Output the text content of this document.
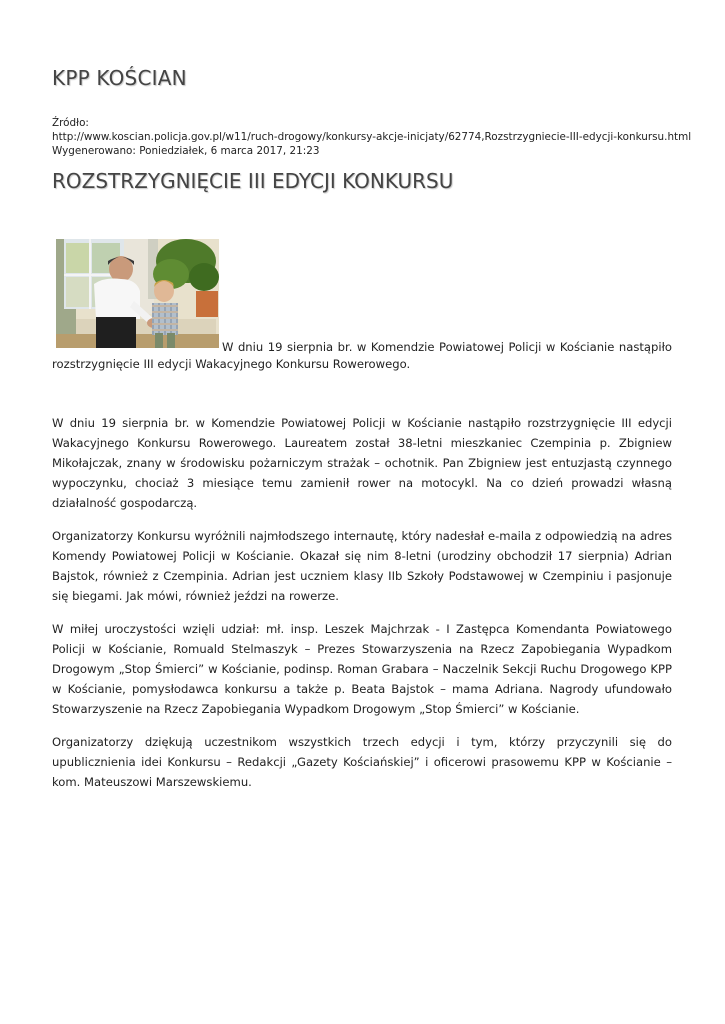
KPP KOŚCIAN
Źródło:
http://www.koscian.policja.gov.pl/w11/ruch-drogowy/konkursy-akcje-inicjaty/62774,Rozstrzygniecie-III-edycji-konkursu.html
Wygenerowano: Poniedziałek, 6 marca 2017, 21:23
ROZSTRZYGNIĘCIE III EDYCJI KONKURSU
W dniu 19 sierpnia br. w Komendzie Powiatowej Policji w Kościanie nastąpiło rozstrzygnięcie III edycji Wakacyjnego Konkursu Rowerowego.

W dniu 19 sierpnia br. w Komendzie Powiatowej Policji w Kościanie nastąpiło rozstrzygnięcie III edycji Wakacyjnego Konkursu Rowerowego. Laureatem został 38-letni mieszkaniec Czempinia p. Zbigniew Mikołajczak, znany w środowisku pożarniczym strażak – ochotnik. Pan Zbigniew jest entuzjastą czynnego wypoczynku, chociaż 3 miesiące temu zamienił rower na motocykl. Na co dzień prowadzi własną działalność gospodarczą.

Organizatorzy Konkursu wyróżnili najmłodszego internautę, który nadesłał e-maila z odpowiedzią na adres Komendy Powiatowej Policji w Kościanie. Okazał się nim 8-letni (urodziny obchodził 17 sierpnia) Adrian Bajstok, również z Czempinia. Adrian jest uczniem klasy IIb Szkoły Podstawowej w Czempiniu i pasjonuje się biegami. Jak mówi, również jeździ na rowerze.

W miłej uroczystości wzięli udział: mł. insp. Leszek Majchrzak - I Zastępca Komendanta Powiatowego Policji w Kościanie, Romuald Stelmaszyk – Prezes Stowarzyszenia na Rzecz Zapobiegania Wypadkom Drogowym „Stop Śmierci” w Kościanie, podinsp. Roman Grabara – Naczelnik Sekcji Ruchu Drogowego KPP w Kościanie, pomysłodawca konkursu a także p. Beata Bajstok – mama Adriana. Nagrody ufundowało Stowarzyszenie na Rzecz Zapobiegania Wypadkom Drogowym „Stop Śmierci” w Kościanie.

Organizatorzy dziękują uczestnikom wszystkich trzech edycji i tym, którzy przyczynili się do upublicznienia idei Konkursu – Redakcji „Gazety Kościańskiej” i oficerowi prasowemu KPP w Kościanie – kom. Mateuszowi Marszewskiemu.
